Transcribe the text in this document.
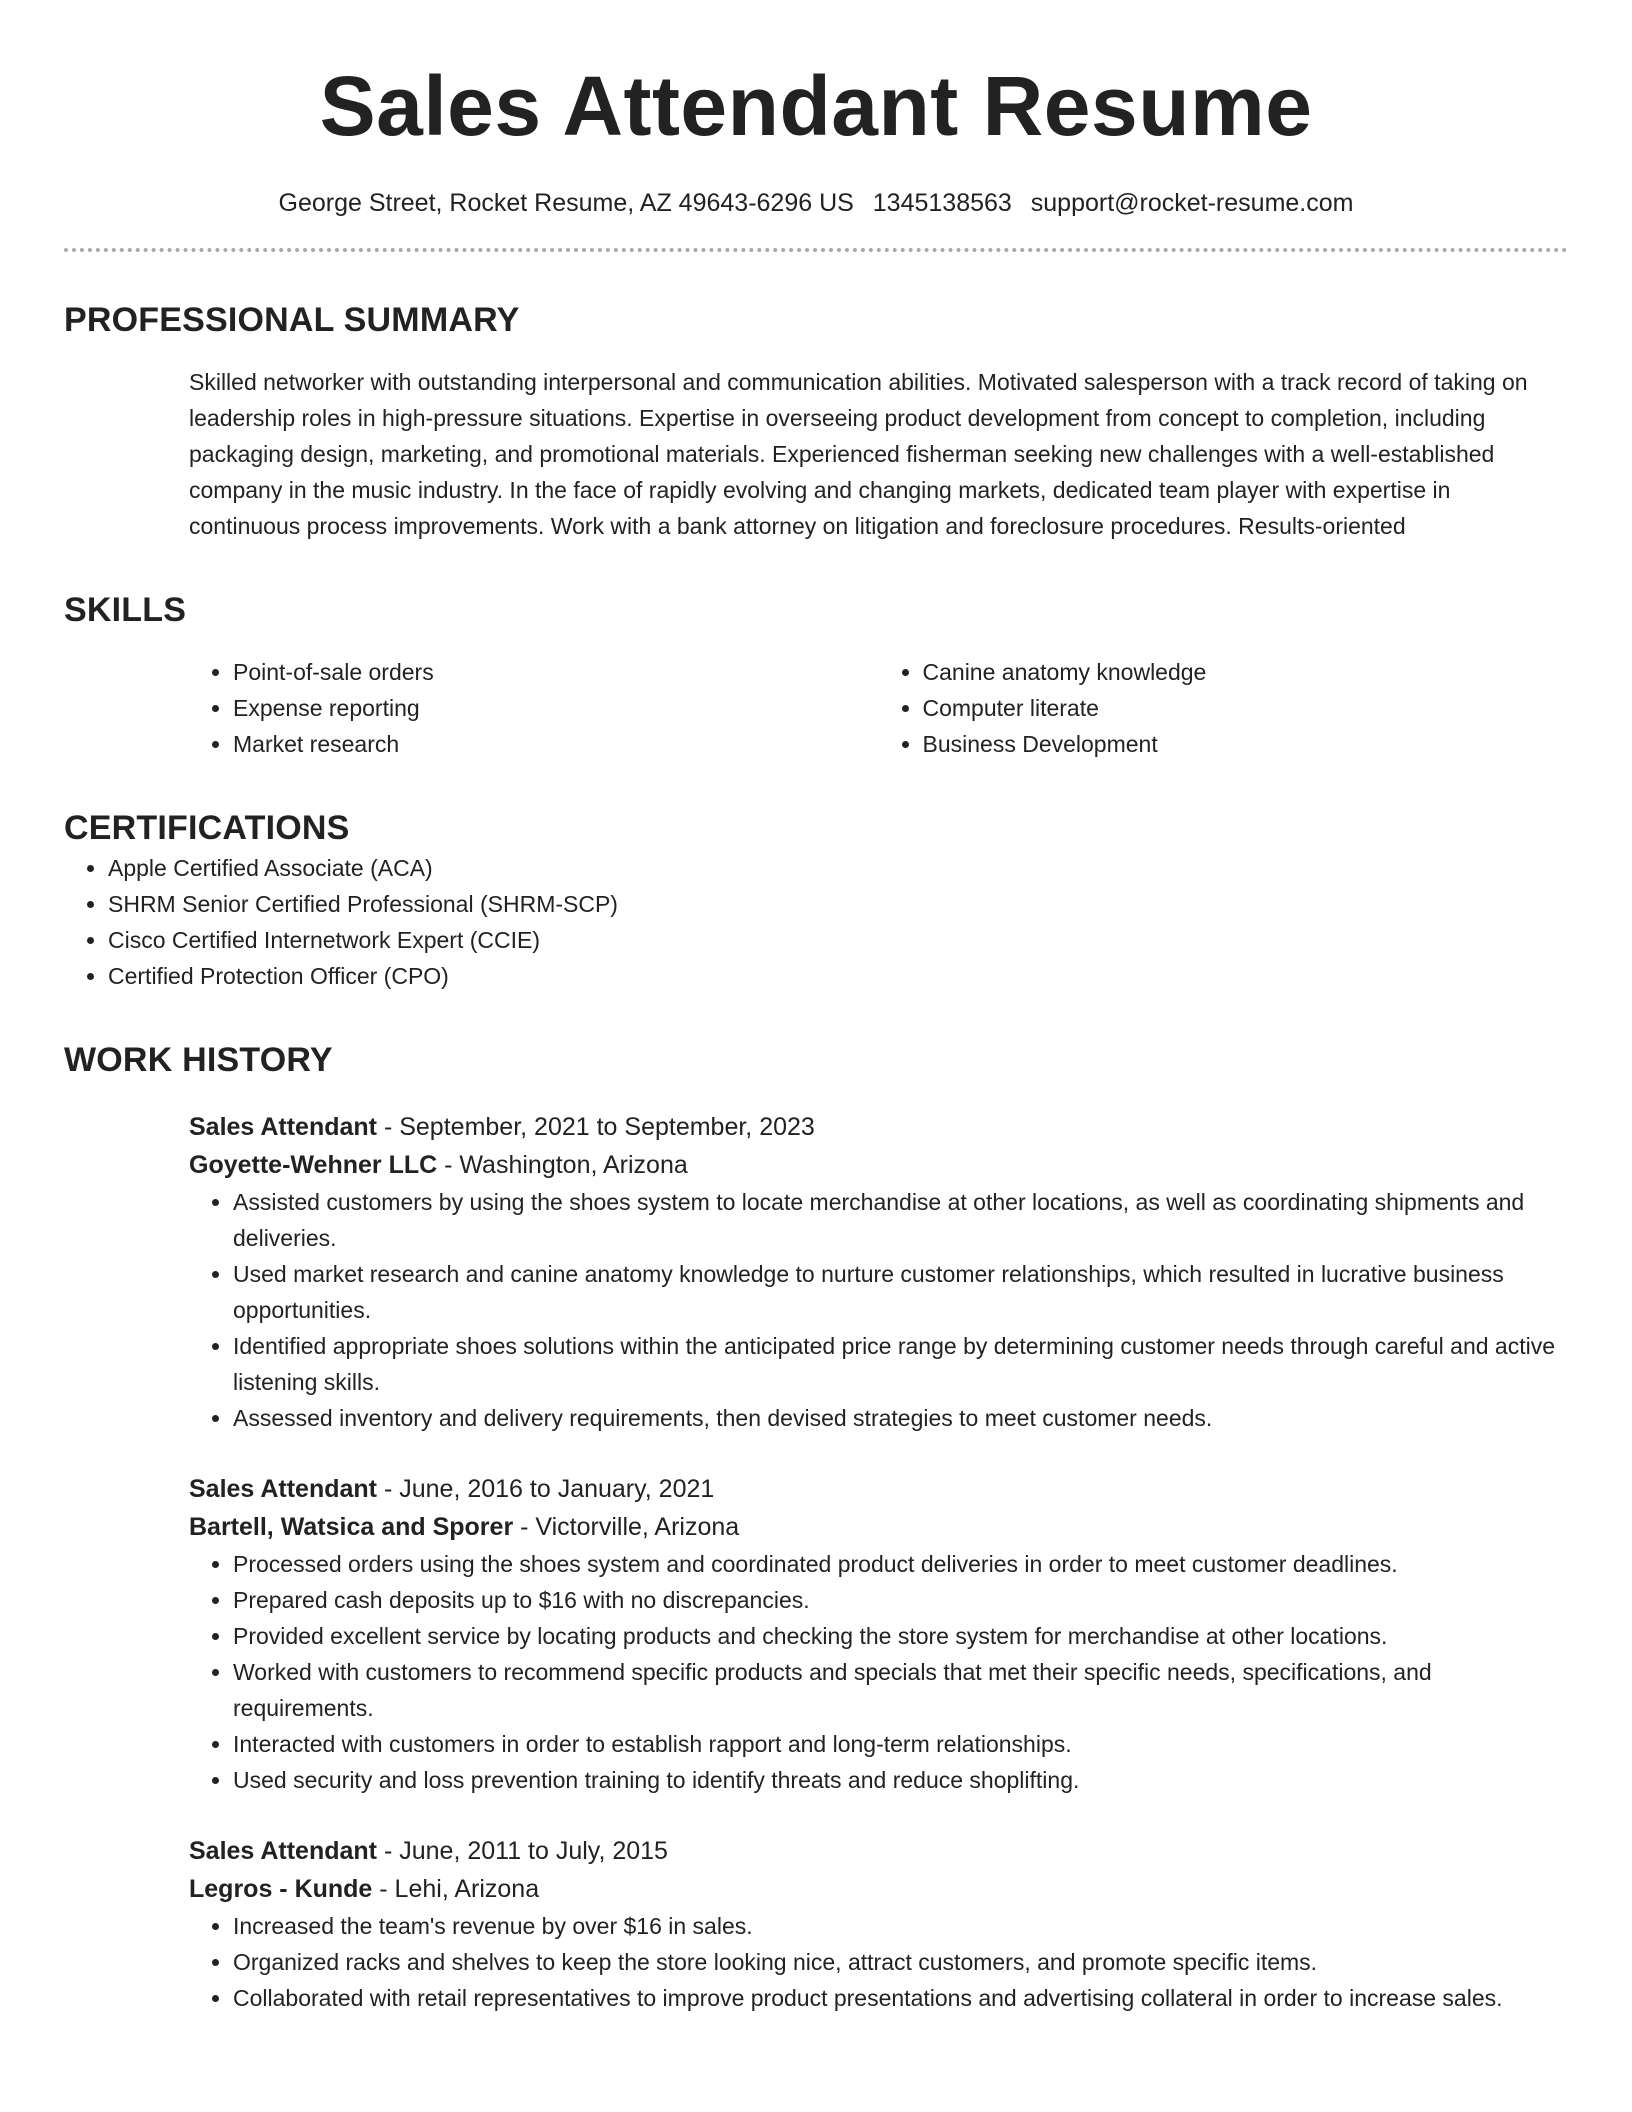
Sales Attendant Resume
George Street, Rocket Resume, AZ 49643-6296 US 1345138563 support@rocket-resume.com
PROFESSIONAL SUMMARY

Skilled networker with outstanding interpersonal and communication abilities. Motivated salesperson with a track record of taking on leadership roles in high-pressure situations. Expertise in overseeing product development from concept to completion, including packaging design, marketing, and promotional materials. Experienced fisherman seeking new challenges with a well-established company in the music industry. In the face of rapidly evolving and changing markets, dedicated team player with expertise in continuous process improvements. Work with a bank attorney on litigation and foreclosure procedures. Results-oriented

SKILLS
• Point-of-sale orders
• Expense reporting
• Market research
• Canine anatomy knowledge
• Computer literate
• Business Development
CERTIFICATIONS
• Apple Certified Associate (ACA)
• SHRM Senior Certified Professional (SHRM-SCP)
• Cisco Certified Internetwork Expert (CCIE)
• Certified Protection Officer (CPO)
WORK HISTORY
Sales Attendant - September, 2021 to September, 2023
Goyette-Wehner LLC - Washington, Arizona
• Assisted customers by using the shoes system to locate merchandise at other locations, as well as coordinating shipments and deliveries.
• Used market research and canine anatomy knowledge to nurture customer relationships, which resulted in lucrative business opportunities.
• Identified appropriate shoes solutions within the anticipated price range by determining customer needs through careful and active listening skills.
• Assessed inventory and delivery requirements, then devised strategies to meet customer needs.
Sales Attendant - June, 2016 to January, 2021
Bartell, Watsica and Sporer - Victorville, Arizona
• Processed orders using the shoes system and coordinated product deliveries in order to meet customer deadlines.
• Prepared cash deposits up to $16 with no discrepancies.
• Provided excellent service by locating products and checking the store system for merchandise at other locations.
• Worked with customers to recommend specific products and specials that met their specific needs, specifications, and requirements.
• Interacted with customers in order to establish rapport and long-term relationships.
• Used security and loss prevention training to identify threats and reduce shoplifting.
Sales Attendant - June, 2011 to July, 2015
Legros - Kunde - Lehi, Arizona
• Increased the team's revenue by over $16 in sales.
• Organized racks and shelves to keep the store looking nice, attract customers, and promote specific items.
• Collaborated with retail representatives to improve product presentations and advertising collateral in order to increase sales.
